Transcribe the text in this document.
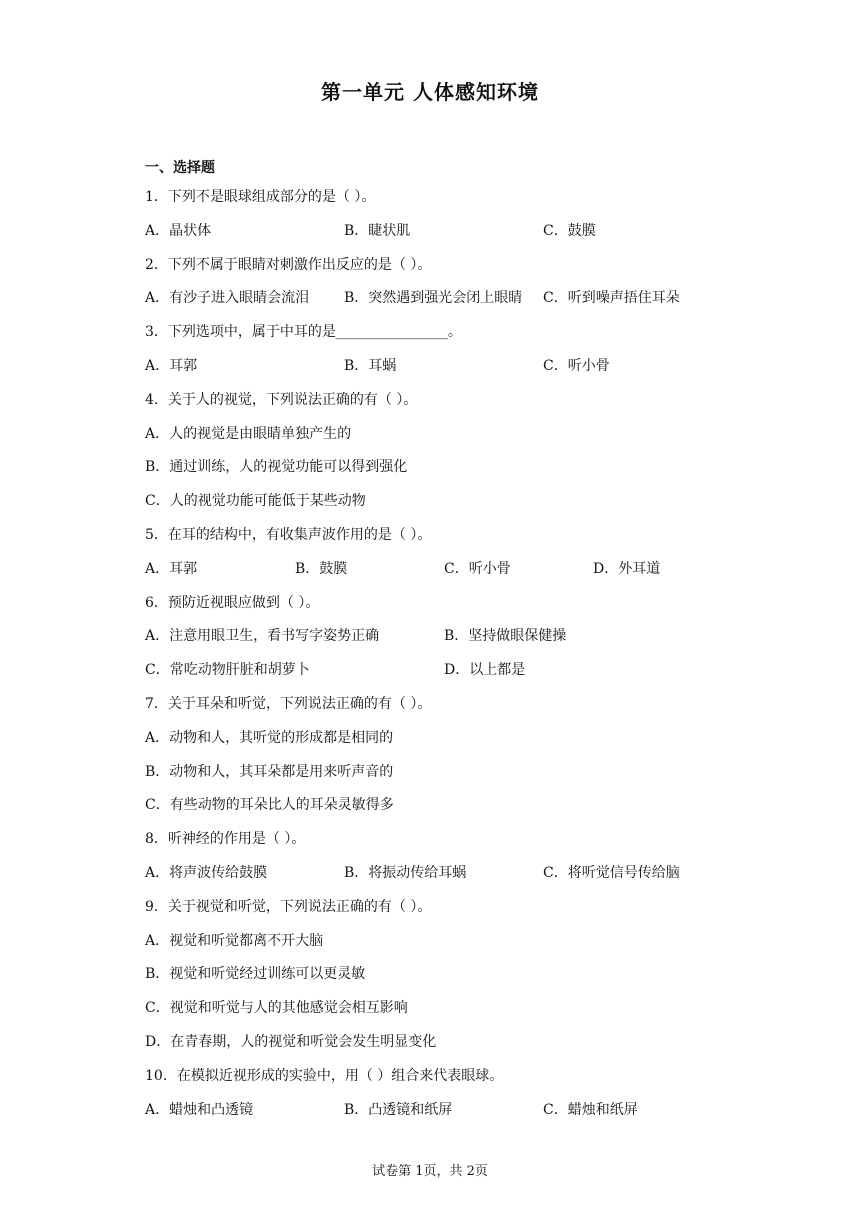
第一单元 人体感知环境
一、选择题
1．下列不是眼球组成部分的是（ ）。
A．晶状体	B．睫状肌	C．鼓膜
2．下列不属于眼睛对刺激作出反应的是（ ）。
A．有沙子进入眼睛会流泪 B．突然遇到强光会闭上眼睛 C．听到噪声捂住耳朵
3．下列选项中，属于中耳的是________________。
A．耳郭	B．耳蜗	C．听小骨
4．关于人的视觉，下列说法正确的有（ ）。
A．人的视觉是由眼睛单独产生的
B．通过训练，人的视觉功能可以得到强化
C．人的视觉功能可能低于某些动物
5．在耳的结构中，有收集声波作用的是（ ）。
A．耳郭	B．鼓膜	C．听小骨	D．外耳道
6．预防近视眼应做到（ ）。
A．注意用眼卫生，看书写字姿势正确	B．坚持做眼保健操
C．常吃动物肝脏和胡萝卜	D．以上都是
7．关于耳朵和听觉，下列说法正确的有（ ）。
A．动物和人，其听觉的形成都是相同的
B．动物和人，其耳朵都是用来听声音的
C．有些动物的耳朵比人的耳朵灵敏得多
8．听神经的作用是（ ）。
A．将声波传给鼓膜	B．将振动传给耳蜗	C．将听觉信号传给脑
9．关于视觉和听觉，下列说法正确的有（ ）。
A．视觉和听觉都离不开大脑
B．视觉和听觉经过训练可以更灵敏
C．视觉和听觉与人的其他感觉会相互影响
D．在青春期，人的视觉和听觉会发生明显变化
10．在模拟近视形成的实验中，用（ ）组合来代表眼球。
A．蜡烛和凸透镜	B．凸透镜和纸屏	C．蜡烛和纸屏
试卷第 1页，共 2页
